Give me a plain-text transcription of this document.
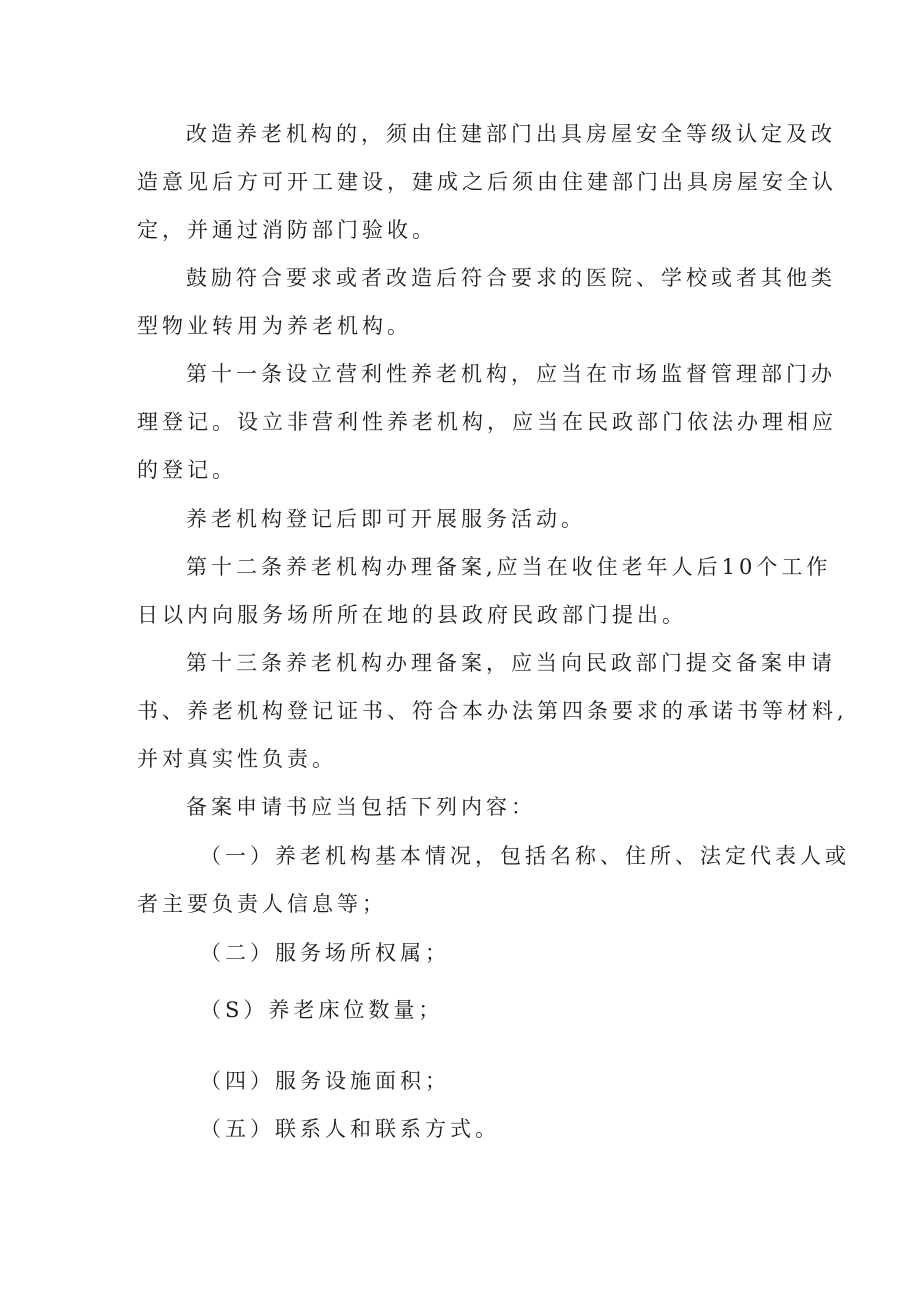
改造养老机构的，须由住建部门出具房屋安全等级认定及改
造意见后方可开工建设，建成之后须由住建部门出具房屋安全认
定，并通过消防部门验收。
鼓励符合要求或者改造后符合要求的医院、学校或者其他类
型物业转用为养老机构。
第十一条设立营利性养老机构，应当在市场监督管理部门办
理登记。设立非营利性养老机构，应当在民政部门依法办理相应
的登记。
养老机构登记后即可开展服务活动。
第十二条养老机构办理备案,应当在收住老年人后10个工作
日以内向服务场所所在地的县政府民政部门提出。
第十三条养老机构办理备案，应当向民政部门提交备案申请
书、养老机构登记证书、符合本办法第四条要求的承诺书等材料,
并对真实性负责。
备案申请书应当包括下列内容：
（一）养老机构基本情况，包括名称、住所、法定代表人或
者主要负责人信息等；
（二）服务场所权属；
（S）养老床位数量；
（四）服务设施面积；
（五）联系人和联系方式。
